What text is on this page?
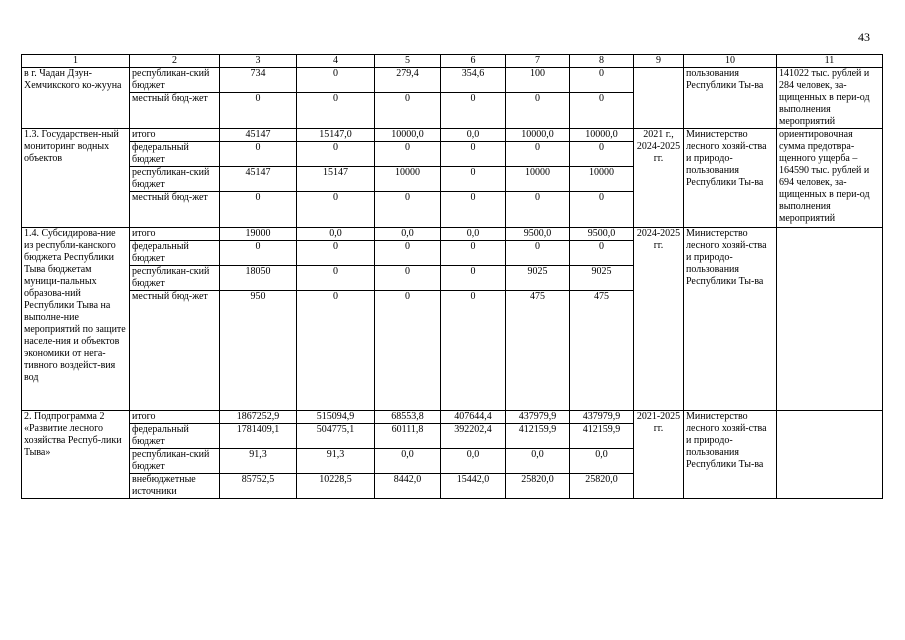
43
1	2	3	4	5	6	7	8	9	10	11
в г. Чадан Дзун-Хемчикского ко-жууна	республикан-ский бюджет	734	0	279,4	354,6	100	0		пользования Республики Ты-ва	141022 тыс. рублей и 284 человек, за-щищенных в пери-од выполнения мероприятий
	местный бюд-жет	0	0	0	0	0	0			
1.3. Государствен-ный мониторинг водных объектов	итого	45147	15147,0	10000,0	0,0	10000,0	10000,0	2021 г., 2024-2025 гг.	Министерство лесного хозяй-ства и природо-пользования Республики Ты-ва	ориентировочная сумма предотвра-щенного ущерба – 164590 тыс. рублей и 694 человек, за-щищенных в пери-од выполнения мероприятий
	федеральный бюджет	0	0	0	0	0	0			
	республикан-ский бюджет	45147	15147	10000	0	10000	10000			
	местный бюд-жет	0	0	0	0	0	0			
1.4. Субсидирова-ние из республи-канского бюджета Республики Тыва бюджетам муници-пальных образова-ний Республики Тыва на выполне-ние мероприятий по защите населе-ния и объектов экономики от нега-тивного воздейст-вия вод	итого	19000	0,0	0,0	0,0	9500,0	9500,0	2024-2025 гг.	Министерство лесного хозяй-ства и природо-пользования Республики Ты-ва	
	федеральный бюджет	0	0	0	0	0	0			
	республикан-ский бюджет	18050	0	0	0	9025	9025			
	местный бюд-жет	950	0	0	0	475	475			
2. Подпрограмма 2 «Развитие лесного хозяйства Респуб-лики Тыва»	итого	1867252,9	515094,9	68553,8	407644,4	437979,9	437979,9	2021-2025 гг.	Министерство лесного хозяй-ства и природо-пользования Республики Ты-ва	
	федеральный бюджет	1781409,1	504775,1	60111,8	392202,4	412159,9	412159,9			
	республикан-ский бюджет	91,3	91,3	0,0	0,0	0,0	0,0			
	внебюджетные источники	85752,5	10228,5	8442,0	15442,0	25820,0	25820,0			
